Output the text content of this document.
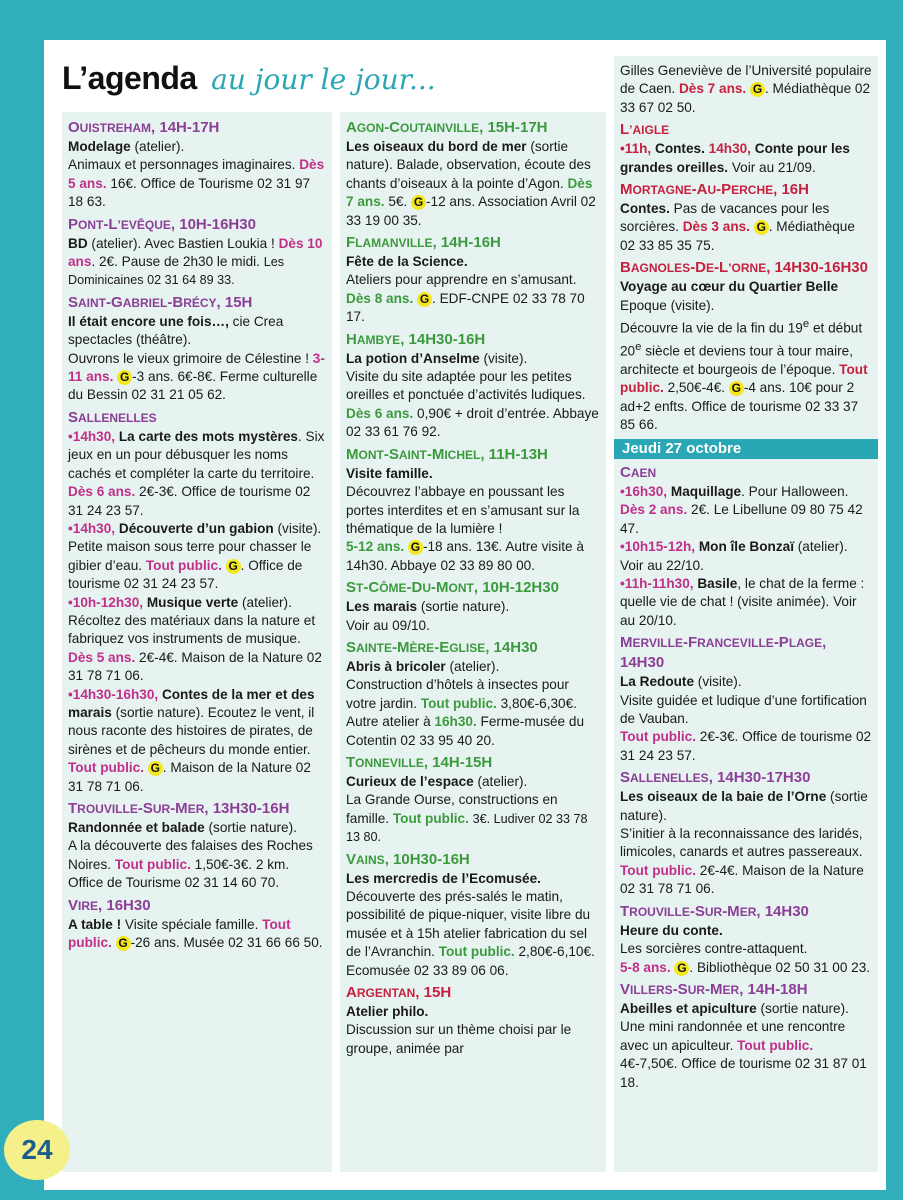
L’agenda au jour le jour...
OUISTREHAM, 14H-17H
Modelage (atelier).
Animaux et personnages imaginaires. Dès 5 ans. 16€. Office de Tourisme 02 31 97 18 63.
PONT-L’EVÊQUE, 10H-16H30
BD (atelier). Avec Bastien Loukia ! Dès 10 ans. 2€. Pause de 2h30 le midi. Les Dominicaines 02 31 64 89 33.
SAINT-GABRIEL-BRÉCY, 15H
Il était encore une fois…, cie Crea spectacles (théâtre).
Ouvrons le vieux grimoire de Célestine ! 3-11 ans. G -3 ans. 6€-8€. Ferme culturelle du Bessin 02 31 21 05 62.
SALLENELLES
•14h30, La carte des mots mystères. Six jeux en un pour débusquer les noms cachés et compléter la carte du territoire. Dès 6 ans. 2€-3€. Office de tourisme 02 31 24 23 57.
•14h30, Découverte d’un gabion (visite). Petite maison sous terre pour chasser le gibier d’eau. Tout public. G . Office de tourisme 02 31 24 23 57.
•10h-12h30, Musique verte (atelier). Récoltez des matériaux dans la nature et fabriquez vos instruments de musique. Dès 5 ans. 2€-4€. Maison de la Nature 02 31 78 71 06.
•14h30-16h30, Contes de la mer et des marais (sortie nature). Ecoutez le vent, il nous raconte des histoires de pirates, de sirènes et de pêcheurs du monde entier. Tout public. G . Maison de la Nature 02 31 78 71 06.
TROUVILLE-SUR-MER, 13H30-16H
Randonnée et balade (sortie nature).
A la découverte des falaises des Roches Noires. Tout public. 1,50€-3€. 2 km. Office de Tourisme 02 31 14 60 70.
VIRE, 16H30
A table ! Visite spéciale famille. Tout public. G -26 ans. Musée 02 31 66 66 50.
AGON-COUTAINVILLE, 15H-17H
Les oiseaux du bord de mer (sortie nature). Balade, observation, écoute des chants d’oiseaux à la pointe d’Agon. Dès 7 ans. 5€. G -12 ans. Association Avril 02 33 19 00 35.
FLAMANVILLE, 14H-16H
Fête de la Science.
Ateliers pour apprendre en s’amusant. Dès 8 ans. G . EDF-CNPE 02 33 78 70 17.
HAMBYE, 14H30-16H
La potion d’Anselme (visite).
Visite du site adaptée pour les petites oreilles et ponctuée d’activités ludiques. Dès 6 ans. 0,90€ + droit d’entrée. Abbaye 02 33 61 76 92.
MONT-SAINT-MICHEL, 11H-13H
Visite famille.
Découvrez l’abbaye en poussant les portes interdites et en s’amusant sur la thématique de la lumière !
5-12 ans. G -18 ans. 13€. Autre visite à 14h30. Abbaye 02 33 89 80 00.
ST-CÔME-DU-MONT, 10H-12H30
Les marais (sortie nature).
Voir au 09/10.
SAINTE-MÈRE-EGLISE, 14H30
Abris à bricoler (atelier).
Construction d’hôtels à insectes pour votre jardin. Tout public. 3,80€-6,30€. Autre atelier à 16h30. Ferme-musée du Cotentin 02 33 95 40 20.
TONNEVILLE, 14H-15H
Curieux de l’espace (atelier).
La Grande Ourse, constructions en famille. Tout public. 3€. Ludiver 02 33 78 13 80.
VAINS, 10H30-16H
Les mercredis de l’Ecomusée.
Découverte des prés-salés le matin, possibilité de pique-niquer, visite libre du musée et à 15h atelier fabrication du sel de l’Avranchin. Tout public. 2,80€-6,10€. Ecomusée 02 33 89 06 06.
ARGENTAN, 15H
Atelier philo.
Discussion sur un thème choisi par le groupe, animée par
Gilles Geneviève de l’Université populaire de Caen. Dès 7 ans. G . Médiathèque 02 33 67 02 50.
L’AIGLE
•11h, Contes. 14h30, Conte pour les grandes oreilles. Voir au 21/09.
MORTAGNE-AU-PERCHE, 16H
Contes. Pas de vacances pour les sorcières. Dès 3 ans. G . Médiathèque 02 33 85 35 75.
BAGNOLES-DE-L’ORNE, 14H30-16H30
Voyage au cœur du Quartier Belle Epoque (visite).
Découvre la vie de la fin du 19e et début 20e siècle et deviens tour à tour maire, architecte et bourgeois de l’époque. Tout public. 2,50€-4€. G -4 ans. 10€ pour 2 ad+2 enfts. Office de tourisme 02 33 37 85 66.
Jeudi 27 octobre
CAEN
•16h30, Maquillage. Pour Halloween. Dès 2 ans. 2€. Le Libellune 09 80 75 42 47.
•10h15-12h, Mon île Bonzaï (atelier). Voir au 22/10.
•11h-11h30, Basile, le chat de la ferme : quelle vie de chat ! (visite animée). Voir au 20/10.
MERVILLE-FRANCEVILLE-PLAGE, 14H30
La Redoute (visite).
Visite guidée et ludique d’une fortification de Vauban.
Tout public. 2€-3€. Office de tourisme 02 31 24 23 57.
SALLENELLES, 14H30-17H30
Les oiseaux de la baie de l’Orne (sortie nature).
S’initier à la reconnaissance des laridés, limicoles, canards et autres passereaux. Tout public. 2€-4€. Maison de la Nature 02 31 78 71 06.
TROUVILLE-SUR-MER, 14H30
Heure du conte.
Les sorcières contre-attaquent.
5-8 ans. G . Bibliothèque 02 50 31 00 23.
VILLERS-SUR-MER, 14H-18H
Abeilles et apiculture (sortie nature). Une mini randonnée et une rencontre avec un apiculteur. Tout public. 4€-7,50€. Office de tourisme 02 31 87 01 18.
24
